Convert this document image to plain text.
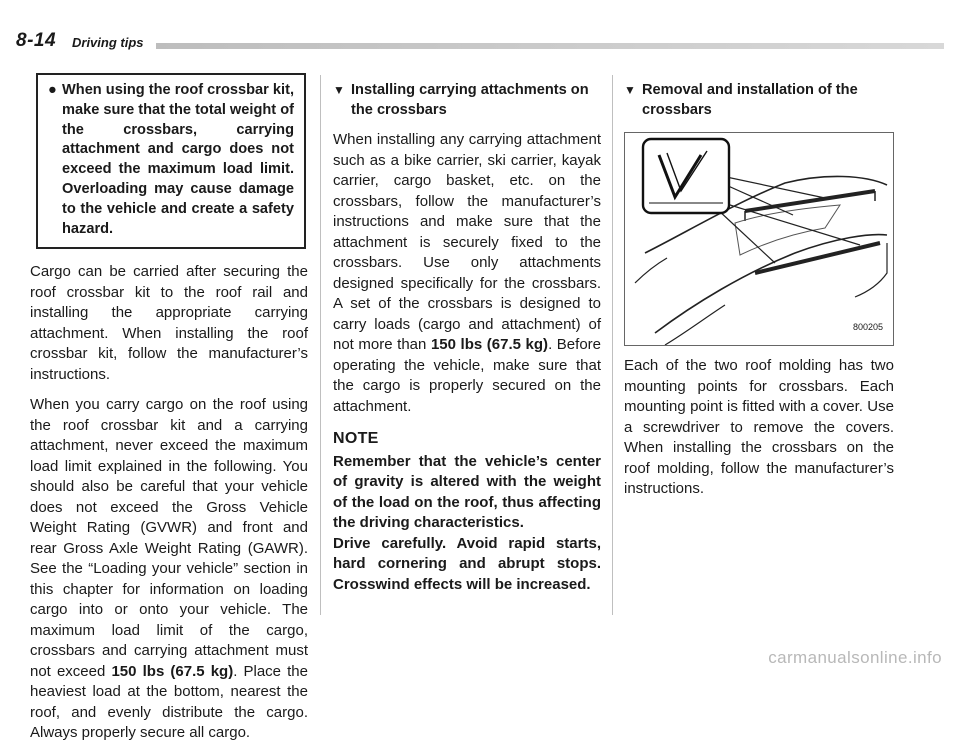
8-14 Driving tips
● When using the roof crossbar kit, make sure that the total weight of the crossbars, carrying attachment and cargo does not exceed the maximum load limit. Overloading may cause damage to the vehicle and create a safety hazard.

Cargo can be carried after securing the roof crossbar kit to the roof rail and installing the appropriate carrying attachment. When installing the roof crossbar kit, follow the manufacturer’s instructions.

When you carry cargo on the roof using the roof crossbar kit and a carrying attachment, never exceed the maximum load limit explained in the following. You should also be careful that your vehicle does not exceed the Gross Vehicle Weight Rating (GVWR) and front and rear Gross Axle Weight Rating (GAWR). See the “Loading your vehicle” section in this chapter for information on loading cargo into or onto your vehicle. The maximum load limit of the cargo, crossbars and carrying attachment must not exceed 150 lbs (67.5 kg). Place the heaviest load at the bottom, nearest the roof, and evenly distribute the cargo. Always properly secure all cargo.

▼ Installing carrying attachments on the crossbars

When installing any carrying attachment such as a bike carrier, ski carrier, kayak carrier, cargo basket, etc. on the crossbars, follow the manufacturer’s instructions and make sure that the attachment is securely fixed to the crossbars. Use only attachments designed specifically for the crossbars. A set of the crossbars is designed to carry loads (cargo and attachment) of not more than 150 lbs (67.5 kg). Before operating the vehicle, make sure that the cargo is properly secured on the attachment.

NOTE
Remember that the vehicle’s center of gravity is altered with the weight of the load on the roof, thus affecting the driving characteristics.
Drive carefully. Avoid rapid starts, hard cornering and abrupt stops. Crosswind effects will be increased.
▼ Removal and installation of the crossbars
800205

Each of the two roof molding has two mounting points for crossbars. Each mounting point is fitted with a cover. Use a screwdriver to remove the covers. When installing the crossbars on the roof molding, follow the manufacturer’s instructions.

carmanualsonline.info
